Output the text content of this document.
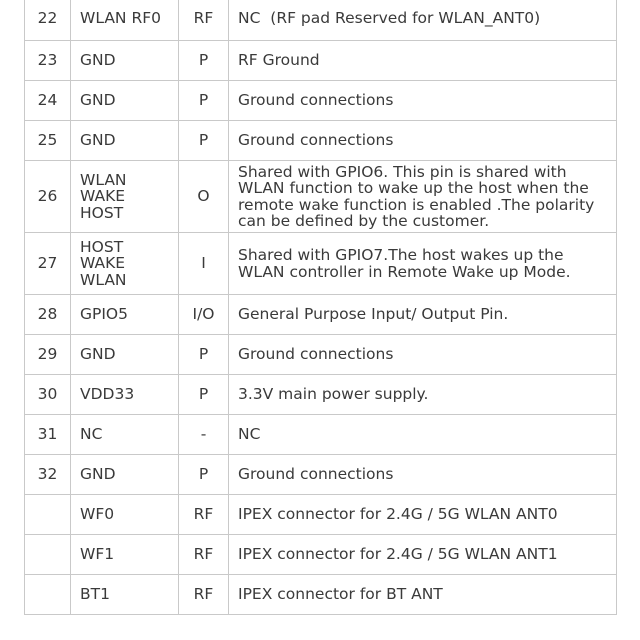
22	WLAN RF0	RF	NC  (RF pad Reserved for WLAN_ANT0)
23	GND	P	RF Ground
24	GND	P	Ground connections
25	GND	P	Ground connections
26	WLAN
WAKE
HOST	O	Shared with GPIO6. This pin is shared with
WLAN function to wake up the host when the
remote wake function is enabled .The polarity
can be defined by the customer.
27	HOST
WAKE
WLAN	I	Shared with GPIO7.The host wakes up the
WLAN controller in Remote Wake up Mode.
28	GPIO5	I/O	General Purpose Input/ Output Pin.
29	GND	P	Ground connections
30	VDD33	P	3.3V main power supply.
31	NC	-	NC
32	GND	P	Ground connections
	WF0	RF	IPEX connector for 2.4G / 5G WLAN ANT0
	WF1	RF	IPEX connector for 2.4G / 5G WLAN ANT1
	BT1	RF	IPEX connector for BT ANT
